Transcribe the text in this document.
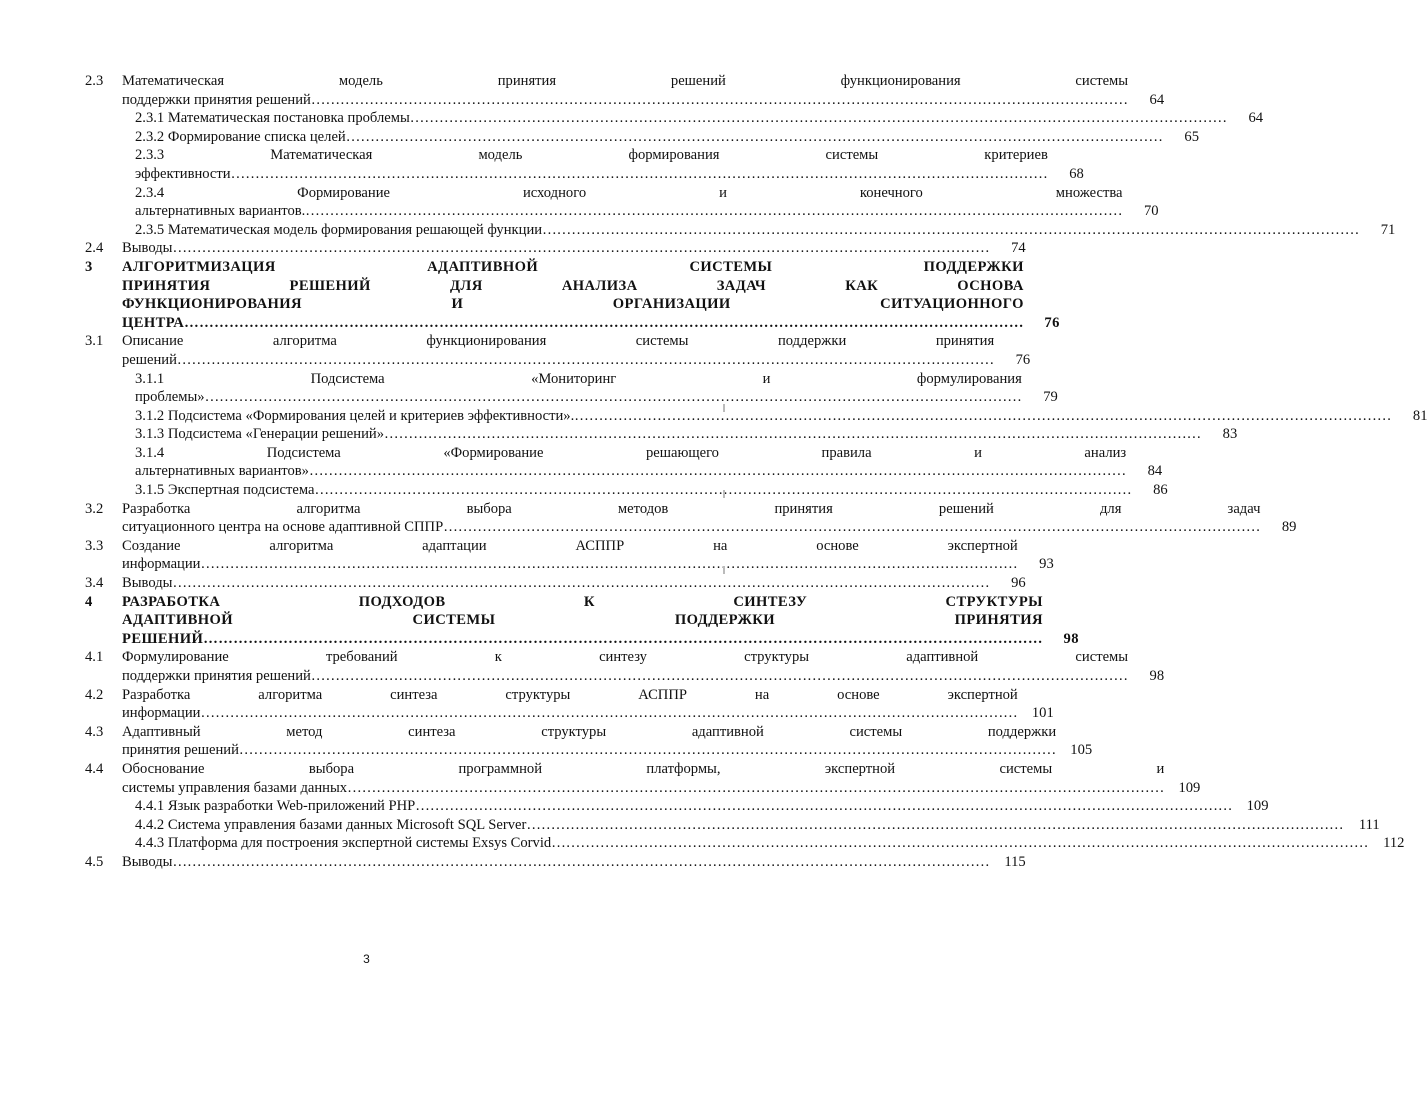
2.3 Математическая модель принятия решений функционирования системы
поддержки принятия решений ……………………………………………………………………………………………………………………………………………………	64
2.3.1 Математическая постановка проблемы ……………………………………………………………………………………………………………………………………………………	64
2.3.2 Формирование списка целей ……………………………………………………………………………………………………………………………………………………	65
2.3.3 Математическая модель формирования системы критериев
эффективности ……………………………………………………………………………………………………………………………………………………	68
2.3.4 Формирование исходного и конечного множества
альтернативных вариантов. ……………………………………………………………………………………………………………………………………………………	70
2.3.5 Математическая модель формирования решающей функции ……………………………………………………………………………………………………………………………………………………	71
2.4 Выводы ……………………………………………………………………………………………………………………………………………………	74
3 АЛГОРИТМИЗАЦИЯ АДАПТИВНОЙ СИСТЕМЫ ПОДДЕРЖКИ
ПРИНЯТИЯ РЕШЕНИЙ ДЛЯ АНАЛИЗА ЗАДАЧ КАК ОСНОВА
ФУНКЦИОНИРОВАНИЯ И ОРГАНИЗАЦИИ СИТУАЦИОННОГО
ЦЕНТРА ……………………………………………………………………………………………………………………………………………………	76
3.1 Описание алгоритма функционирования системы поддержки принятия
решений ……………………………………………………………………………………………………………………………………………………	76
3.1.1 Подсистема «Мониторинг и формулирования
проблемы» ……………………………………………………………………………………………………………………………………………………	79
3.1.2 Подсистема «Формирования целей и критериев эффективности». ……………………………………………………………………………………………………………………………………………………	81
3.1.3 Подсистема «Генерации решений» ……………………………………………………………………………………………………………………………………………………	83
3.1.4 Подсистема «Формирование решающего правила и анализ
альтернативных вариантов» ……………………………………………………………………………………………………………………………………………………	84
3.1.5 Экспертная подсистема ……………………………………………………………………………………………………………………………………………………	86
3.2 Разработка алгоритма выбора методов принятия решений для задач
ситуационного центра на основе адаптивной СППР ……………………………………………………………………………………………………………………………………………………	89
3.3 Создание алгоритма адаптации АСППР на основе экспертной
информации ……………………………………………………………………………………………………………………………………………………	93
3.4 Выводы ……………………………………………………………………………………………………………………………………………………	96
4 РАЗРАБОТКА ПОДХОДОВ К СИНТЕЗУ СТРУКТУРЫ
АДАПТИВНОЙ СИСТЕМЫ ПОДДЕРЖКИ ПРИНЯТИЯ
РЕШЕНИЙ ……………………………………………………………………………………………………………………………………………………	98
4.1 Формулирование требований к синтезу структуры адаптивной системы
поддержки принятия решений ……………………………………………………………………………………………………………………………………………………	98
4.2 Разработка алгоритма синтеза структуры АСППР на основе экспертной
информации ……………………………………………………………………………………………………………………………………………………	101
4.3 Адаптивный метод синтеза структуры адаптивной системы поддержки
принятия решений ……………………………………………………………………………………………………………………………………………………	105
4.4 Обоснование выбора программной платформы, экспертной системы и
системы управления базами данных ……………………………………………………………………………………………………………………………………………………	109
4.4.1 Язык разработки Web-приложений PHP ……………………………………………………………………………………………………………………………………………………	109
4.4.2 Система управления базами данных Microsoft SQL Server ……………………………………………………………………………………………………………………………………………………	111
4.4.3 Платформа для построения экспертной системы Exsys Corvid ……………………………………………………………………………………………………………………………………………………	112
4.5 Выводы ……………………………………………………………………………………………………………………………………………………	115
3
